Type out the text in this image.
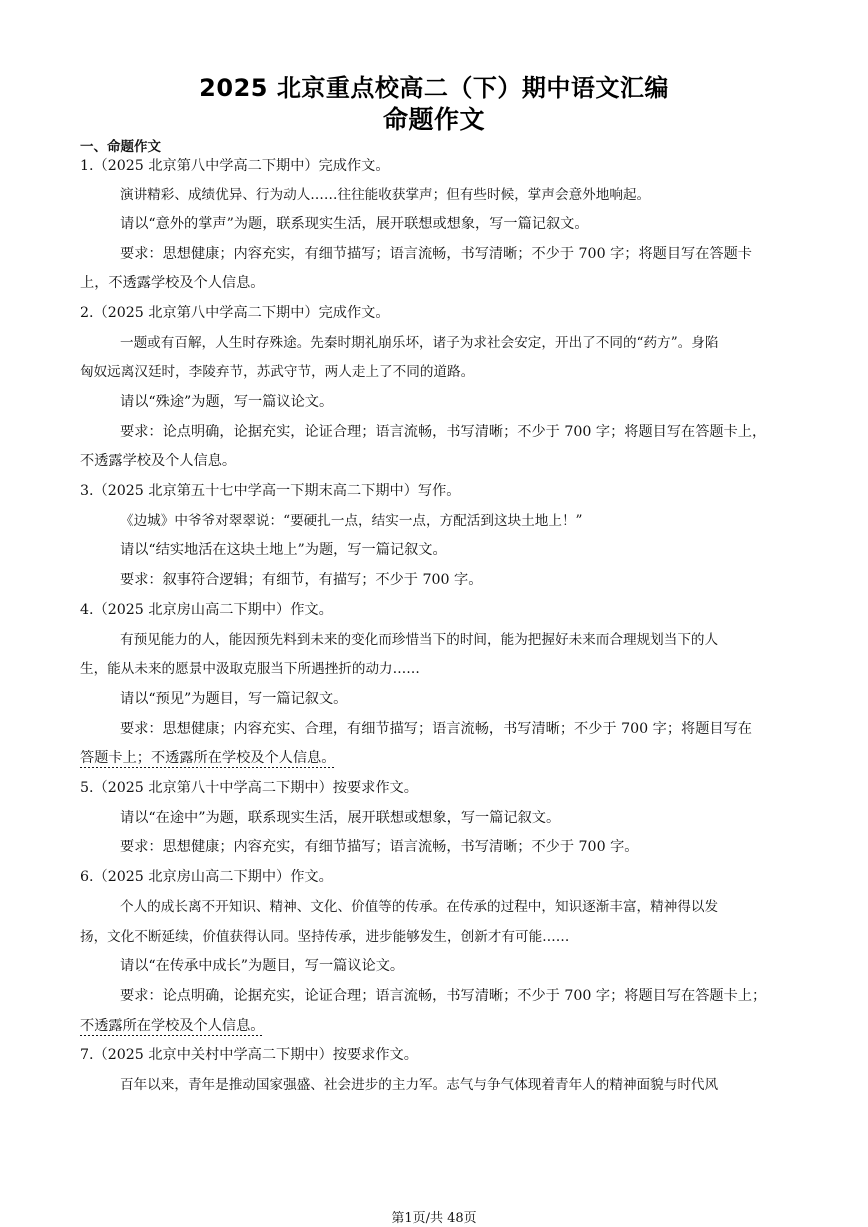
2025 北京重点校高二（下）期中语文汇编
命题作文
一、命题作文
1.（2025 北京第八中学高二下期中）完成作文。
演讲精彩、成绩优异、行为动人……往往能收获掌声；但有些时候，掌声会意外地响起。
请以“意外的掌声”为题，联系现实生活，展开联想或想象，写一篇记叙文。
要求：思想健康；内容充实，有细节描写；语言流畅，书写清晰；不少于 700 字；将题目写在答题卡
上，不透露学校及个人信息。
2.（2025 北京第八中学高二下期中）完成作文。
一题或有百解，人生时存殊途。先秦时期礼崩乐坏，诸子为求社会安定，开出了不同的“药方”。身陷
匈奴远离汉廷时，李陵弃节，苏武守节，两人走上了不同的道路。
请以“殊途”为题，写一篇议论文。
要求：论点明确，论据充实，论证合理；语言流畅，书写清晰；不少于 700 字；将题目写在答题卡上，
不透露学校及个人信息。
3.（2025 北京第五十七中学高一下期末高二下期中）写作。
《边城》中爷爷对翠翠说：“要硬扎一点，结实一点，方配活到这块土地上！”
请以“结实地活在这块土地上”为题，写一篇记叙文。
要求：叙事符合逻辑；有细节，有描写；不少于 700 字。
4.（2025 北京房山高二下期中）作文。
有预见能力的人，能因预先料到未来的变化而珍惜当下的时间，能为把握好未来而合理规划当下的人
生，能从未来的愿景中汲取克服当下所遇挫折的动力……
请以“预见”为题目，写一篇记叙文。
要求：思想健康；内容充实、合理，有细节描写；语言流畅，书写清晰；不少于 700 字；将题目写在
答题卡上；不透露所在学校及个人信息。
5.（2025 北京第八十中学高二下期中）按要求作文。
请以“在途中”为题，联系现实生活，展开联想或想象，写一篇记叙文。
要求：思想健康；内容充实，有细节描写；语言流畅，书写清晰；不少于 700 字。
6.（2025 北京房山高二下期中）作文。
个人的成长离不开知识、精神、文化、价值等的传承。在传承的过程中，知识逐渐丰富，精神得以发
扬，文化不断延续，价值获得认同。坚持传承，进步能够发生，创新才有可能……
请以“在传承中成长”为题目，写一篇议论文。
要求：论点明确，论据充实，论证合理；语言流畅，书写清晰；不少于 700 字；将题目写在答题卡上；
不透露所在学校及个人信息。
7.（2025 北京中关村中学高二下期中）按要求作文。
百年以来，青年是推动国家强盛、社会进步的主力军。志气与争气体现着青年人的精神面貌与时代风
第1页/共 48页
